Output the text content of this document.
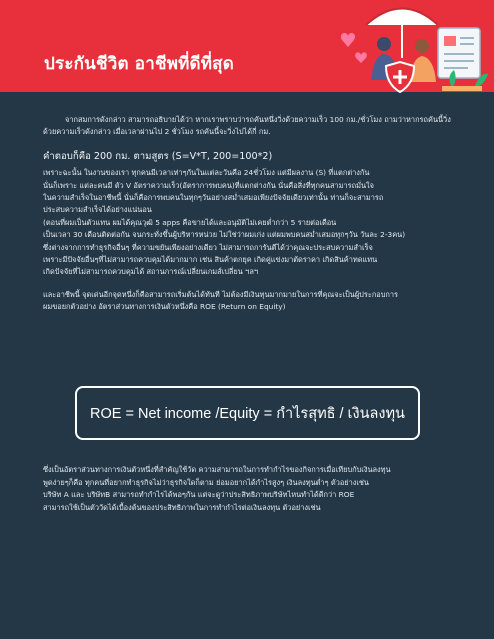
ประกันชีวิต อาชีพที่ดีที่สุด

จากสมการดังกล่าว สามารถอธิบายได้ว่า หากเราพราบว่ารถคันหนึ่งวิ่งด้วยความเร็ว 100 กม./ชั่วโมง ถามว่าหากรถคันนี้วิ่งด้วยความเร็วดังกล่าว เมื่อเวลาผ่านไป 2 ชั่วโมง รถคันนี้จะวิ่งไปได้กี่ กม.

คำตอบก็คือ 200 กม. ตามสูตร (S=V*T, 200=100*2)

เพราะฉะนั้น ในงานของเรา ทุกคนมีเวลาเท่าๆกันในแต่ละวันคือ 24ชั่วโมง แต่มีผลงาน (S) ที่แตกต่างกัน
นั่นก็เพราะ แต่ละคนมี ตัว V อัตราความเร็ว(อัตราการพบคน)ที่แตกต่างกัน นั่นคือสิ่งที่ทุกคนสามารถมั่นใจ
ในความสำเร็จในอาชีพนี้ นั่นก็คือการพบคนในทุกๆวันอย่างสม่ำเสมอเพียงปัจจัยเดียวเท่านั้น ท่านก็จะสามารถ
ประสบความสำเร็จได้อย่างแน่นอน
(ตอนที่ผมเป็นตัวแทน ผมได้คุณวุฒิ 5 apps คือขายได้และอนุมัติไม่เคยต่ำกว่า 5 รายต่อเดือน
เป็นเวลา 30 เดือนติดต่อกัน จนกระทั่งขึ้นผู้บริหารหน่วย ไม่ใช่ว่าผมเก่ง แต่ผมพบคนสม่ำเสมอทุกๆวัน วันละ 2-3คน)
ซึ่งต่างจากการทำธุรกิจอื่นๆ ที่ความขยันเพียงอย่างเดียว ไม่สามารถการันตีได้ว่าคุณจะประสบความสำเร็จ
เพราะมีปัจจัยอื่นๆที่ไม่สามารถควบคุมได้มากมาก เช่น สินค้าตกยุค เกิดคู่แข่งมาตัดราคา เกิดสินค้าทดแทน
เกิดปัจจัยที่ไม่สามารถควบคุมได้ สถานการณ์เปลี่ยนเกมส์เปลี่ยน ฯลฯ
และอาชีพนี้ จุดเด่นอีกจุดหนึ่งก็คือสามารถเริ่มต้นได้ทันที ไม่ต้องมีเงินทุนมากมายในการที่คุณจะเป็นผู้ประกอบการ
ผมขอยกตัวอย่าง อัตราส่วนทางการเงินตัวหนึ่งคือ ROE (Return on Equity)
ROE = Net income /Equity = กำไรสุทธิ / เงินลงทุน
ซึ่งเป็นอัตราส่วนทางการเงินตัวหนึ่งที่สำคัญใช้วัด ความสามารถในการทำกำไรของกิจการเมื่อเทียบกับเงินลงทุน
พูดง่ายๆก็คือ ทุกคนที่อยากทำธุรกิจไม่ว่าธุรกิจใดก็ตาม ย่อมอยากได้กำไรสูงๆ เงินลงทุนต่ำๆ ตัวอย่างเช่น
บริษัท A และ บริษัทB สามารถทำกำไรได้พอๆกัน แต่จะดูว่าประสิทธิภาพบริษัทไหนทำได้ดีกว่า ROE
สามารถใช้เป็นตัววัดได้เบื้องต้นของประสิทธิภาพในการทำกำไรต่อเงินลงทุน ตัวอย่างเช่น
